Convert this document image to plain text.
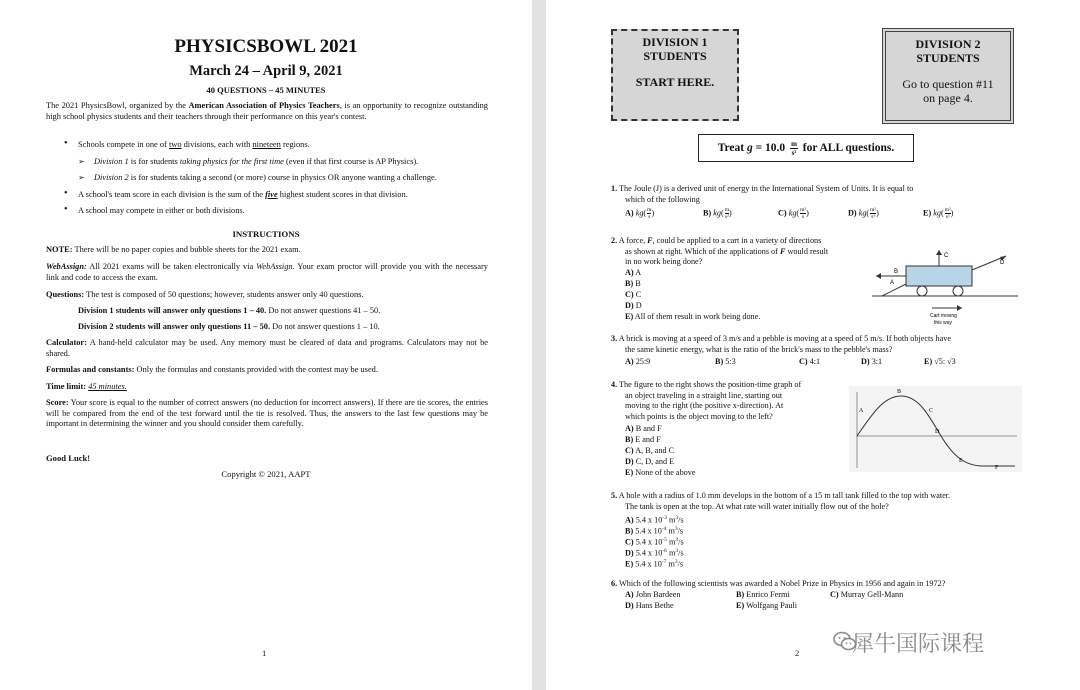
PHYSICSBOWL 2021
March 24 – April 9, 2021
40 QUESTIONS – 45 MINUTES
The 2021 PhysicsBowl, organized by the American Association of Physics Teachers, is an opportunity to recognize outstanding high school physics students and their teachers through their performance on this year's contest.
• Schools compete in one of two divisions, each with nineteen regions.
➢ Division 1 is for students taking physics for the first time (even if that first course is AP Physics).
➢ Division 2 is for students taking a second (or more) course in physics OR anyone wanting a challenge.
• A school's team score in each division is the sum of the five highest student scores in that division.
• A school may compete in either or both divisions.
INSTRUCTIONS
NOTE: There will be no paper copies and bubble sheets for the 2021 exam.
WebAssign: All 2021 exams will be taken electronically via WebAssign. Your exam proctor will provide you with the necessary link and code to access the exam.
Questions: The test is composed of 50 questions; however, students answer only 40 questions.
Division 1 students will answer only questions 1 – 40. Do not answer questions 41 – 50.
Division 2 students will answer only questions 11 – 50. Do not answer questions 1 – 10.
Calculator: A hand-held calculator may be used. Any memory must be cleared of data and programs. Calculators may not be shared.
Formulas and constants: Only the formulas and constants provided with the contest may be used.
Time limit: 45 minutes.
Score: Your score is equal to the number of correct answers (no deduction for incorrect answers). If there are tie scores, the entries will be compared from the end of the test forward until the tie is resolved. Thus, the answers to the last few questions may be important in determining the winner and you should consider them carefully.
Good Luck!
Copyright © 2021, AAPT
1
DIVISION 1
STUDENTS
START HERE.
DIVISION 2
STUDENTS
Go to question #11
on page 4.
Treat $g = 10.0 \frac{m}{\text{s²}}$ for ALL questions.
1. The Joule (J) is a derived unit of energy in the International System of Units. It is equal to
which of the following
A) $kg( \frac{m}{s}$ )	B) $kg( \frac{m}{\text{s²}}$ )	C) $kg( \frac{\text{m²}}{s}$ )	D) $kg( \frac{\text{m²}}{\text{s³}}$ )	E) $kg( \frac{\text{m²}}{\text{s²}}$ )
2. A force, F, could be applied to a cart in a variety of directions
as shown at right. Which of the applications of F would result
in no work being done?
A) A
B) B
C) C
D) D
E) All of them result in work being done.
A
B
C
D
Cart moving
this way
3. A brick is moving at a speed of 3 m/s and a pebble is moving at a speed of 5 m/s. If both objects have
the same kinetic energy, what is the ratio of the brick's mass to the pebble's mass?
A) 25:9	B) 5:3	C) 4:1	D) 3:1	E) √5: √3
4. The figure to the right shows the position-time graph of
an object traveling in a straight line, starting out
moving to the right (the positive x-direction). At
which points is the object moving to the left?
A) B and F
B) E and F
C) A, B, and C
D) C, D, and E
E) None of the above
A
B
C
D
E
F
5. A hole with a radius of 1.0 mm develops in the bottom of a 15 m tall tank filled to the top with water.
The tank is open at the top. At what rate will water initially flow out of the hole?
A) 5.4 x $10^{-3}$ $m^3/s$
B) 5.4 x $10^{-4}$ $m^3/s$
C) 5.4 x $10^{-5}$ $m^3/s$
D) 5.4 x $10^{-6}$ $m^3/s$
E) 5.4 x $10^{-7}$ $m^3/s$
6. Which of the following scientists was awarded a Nobel Prize in Physics in 1956 and again in 1972?
A) John Bardeen	B) Enrico Fermi	C) Murray Gell-Mann
D) Hans Bethe	E) Wolfgang Pauli
2 犀牛国际课程
